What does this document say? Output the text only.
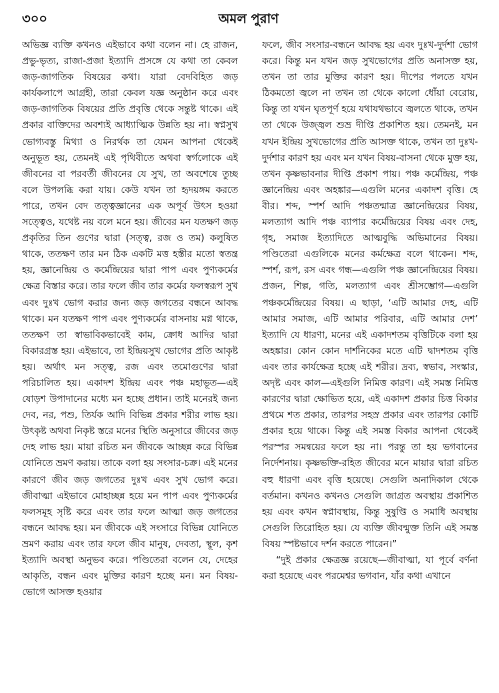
৩০০	অমল পুরাণ

অভিজ্ঞ ব্যক্তি কখনও এইভাবে কথা বলেন না। হে রাজন, প্রভু-ভৃত্য, রাজা-প্রজা ইত্যাদি প্রসঙ্গে যে কথা তা কেবল জড়-জাগতিক বিষয়ের কথা। যারা বেদবিহিত জড় কার্যকলাপে আগ্রহী, তারা কেবল যজ্ঞ অনুষ্ঠান করে এবং জড়-জাগতিক বিষয়ের প্রতি প্রবৃত্তি থেকে সন্তুষ্ট থাকে। এই প্রকার বাক্তিদের অবশ্যই আধ্যাত্মিক উন্নতি হয় না। স্বপ্নসুখ ভোগ্যবস্তু মিথ্যা ও নিরর্থক তা যেমন আপনা থেকেই অনুভূত হয়, তেমনই এই পৃথিবীতে অথবা স্বর্গলোকে এই জীবনের বা পরবর্তী জীবনের যে সুখ, তা অবশেষে তুচ্ছ বলে উপলব্ধি করা যায়। কেউ যখন তা হৃদয়ঙ্গম করতে পারে, তখন বেদ তত্ত্বজ্ঞানের এক অপূর্ব উৎস হওয়া সত্ত্বেও, যথেষ্ট নয় বলে মনে হয়। জীবের মন যতক্ষণ জড় প্রকৃতির তিন গুণের দ্বারা (সত্ত্ব, রজ ও তম) কলুষিত থাকে, ততক্ষণ তার মন ঠিক একটি মত্ত হস্তীর মতো স্বতন্ত্র হয়, জ্ঞানেন্দ্রিয় ও কর্মেন্দ্রিয়ের দ্বারা পাপ এবং পুণ্যকর্মের ক্ষেত্র বিস্তার করে। তার ফলে জীব তার কর্মের ফলস্বরূপ সুখ এবং দুঃখ ভোগ করার জন্য জড় জগতের বন্ধনে আবদ্ধ থাকে। মন যতক্ষণ পাপ এবং পুণ্যকর্মের বাসনায় মগ্ন থাকে, ততক্ষণ তা স্বাভাবিকভাবেই কাম, ক্রোধ আদির দ্বারা বিকারগ্রস্ত হয়। এইভাবে, তা ইন্দ্রিয়সুখ ভোগের প্রতি আকৃষ্ট হয়। অর্থাৎ মন সত্ত্ব, রজ এবং তমোগুণের দ্বারা পরিচালিত হয়। একাদশ ইন্দ্রিয় এবং পঞ্চ মহাভূত—এই ষোড়শ উপাদানের মধ্যে মন হচ্ছে প্রধান। তাই মনেরই জন্য দেব, নর, পশু, তির্যক আদি বিভিন্ন প্রকার শরীর লাভ হয়। উৎকৃষ্ট অথবা নিকৃষ্ট স্তরে মনের স্থিতি অনুসারে জীবের জড় দেহ লাভ হয়। মায়া রচিত মন জীবকে আচ্ছন্ন করে বিভিন্ন যোনিতে ভ্রমণ করায়। তাকে বলা হয় সংসার-চক্র। এই মনের কারণে জীব জড় জগতের দুঃখ এবং সুখ ভোগ করে। জীবাত্মা এইভাবে মোহাচ্ছন্ন হয়ে মন পাপ এবং পুণ্যকর্মের ফলসমূহ সৃষ্টি করে এবং তার ফলে আত্মা জড় জগতের বন্ধনে আবদ্ধ হয়। মন জীবকে এই সংসারে বিভিন্ন যোনিতে ভ্রমণ করায় এবং তার ফলে জীব মানুষ, দেবতা, স্থূল, কৃশ ইত্যাদি অবস্থা অনুভব করে। পণ্ডিতেরা বলেন যে, দেহের আকৃতি, বন্ধন এবং মুক্তির কারণ হচ্ছে মন। মন বিষয়-ভোগে আসক্ত হওয়ার

ফলে, জীব সংসার-বন্ধনে আবদ্ধ হয় এবং দুঃখ-দুর্দশা ভোগ করে। কিন্তু মন যখন জড় সুখভোগের প্রতি অনাসক্ত হয়, তখন তা তার মুক্তির কারণ হয়। দীপের পলতে যখন ঠিকমতো জ্বলে না তখন তা থেকে কালো ধোঁয়া বেরোয়, কিন্তু তা যখন ঘৃতপূর্ণ হয়ে যথাযথভাবে জ্বলতে থাকে, তখন তা থেকে উজ্জ্বল শুভ্র দীপ্তি প্রকাশিত হয়। তেমনই, মন যখন ইন্দ্রিয় সুখভোগের প্রতি আসক্ত থাকে, তখন তা দুঃখ-দুর্দশার কারণ হয় এবং মন যখন বিষয়-বাসনা থেকে মুক্ত হয়, তখন কৃষ্ণভাবনার দীপ্তি প্রকাশ পায়। পঞ্চ কর্মেন্দ্রিয়, পঞ্চ জ্ঞানেন্দ্রিয় এবং অহঙ্কার—এগুলি মনের একাদশ বৃত্তি। হে বীর। শব্দ, স্পর্শ আদি পঞ্চতন্মাত্র জ্ঞানেন্দ্রিয়ের বিষয়, মলত্যাগ আদি পঞ্চ ব্যাপার কর্মেন্দ্রিয়ের বিষয় এবং দেহ, গৃহ, সমাজ ইত্যাদিতে আত্মবুদ্ধি অভিমানের বিষয়। পণ্ডিতেরা এগুলিকে মনের কর্মক্ষেত্র বলে থাকেন। শব্দ, স্পর্শ, রূপ, রস এবং গন্ধ—এগুলি পঞ্চ জ্ঞানেন্দ্রিয়ের বিষয়। প্রজন, শিল্প, গতি, মলত্যাগ এবং শ্রীসম্ভোগ—এগুলি পঞ্চকর্মেন্দ্রিয়ের বিষয়। এ ছাড়া, ‘এটি আমার দেহ, এটি আমার সমাজ, এটি আমার পরিবার, এটি আমার দেশ’ ইত্যাদি যে ধারণা, মনের এই একাদশতম বৃত্তিটিকে বলা হয় অহঙ্কার। কোন কোন দার্শনিকের মতে এটি দ্বাদশতম বৃত্তি এবং তার কার্যক্ষেত্র হচ্ছে এই শরীর। দ্রব্য, স্বভাব, সংস্কার, অদৃষ্ট এবং কাল—এইগুলি নিমিত্ত কারণ। এই সমস্ত নিমিত্ত কারণের দ্বারা ক্ষোভিত হয়ে, এই একাদশ প্রকার চিত্ত বিকার প্রথমে শত প্রকার, তারপর সহস্র প্রকার এবং তারপর কোটি প্রকার হয়ে থাকে। কিন্তু এই সমস্ত বিকার আপনা থেকেই পরস্পর সমন্বয়ের ফলে হয় না। পরন্তু তা হয় ভগবানের নির্দেশনায়। কৃষ্ণভক্তি-রহিত জীবের মনে মায়ার দ্বারা রচিত বহু ধারণা এবং বৃত্তি হয়েছে। সেগুলি অনাদিকাল থেকে বর্তমান। কখনও কখনও সেগুলি জাগ্রত অবস্থায় প্রকাশিত হয় এবং কখন স্বপ্নাবস্থায়, কিন্তু সুষুপ্তি ও সমাধি অবস্থায় সেগুলি তিরোহিত হয়। যে ব্যক্তি জীবন্মুক্ত তিনি এই সমস্ত বিষয় স্পষ্টভাবে দর্শন করতে পারেন।”

“দুই প্রকার ক্ষেত্রজ্ঞ রয়েছে—জীবাত্মা, যা পূর্বে বর্ণনা করা হয়েছে এবং পরমেশ্বর ভগবান, যাঁর কথা এখানে
